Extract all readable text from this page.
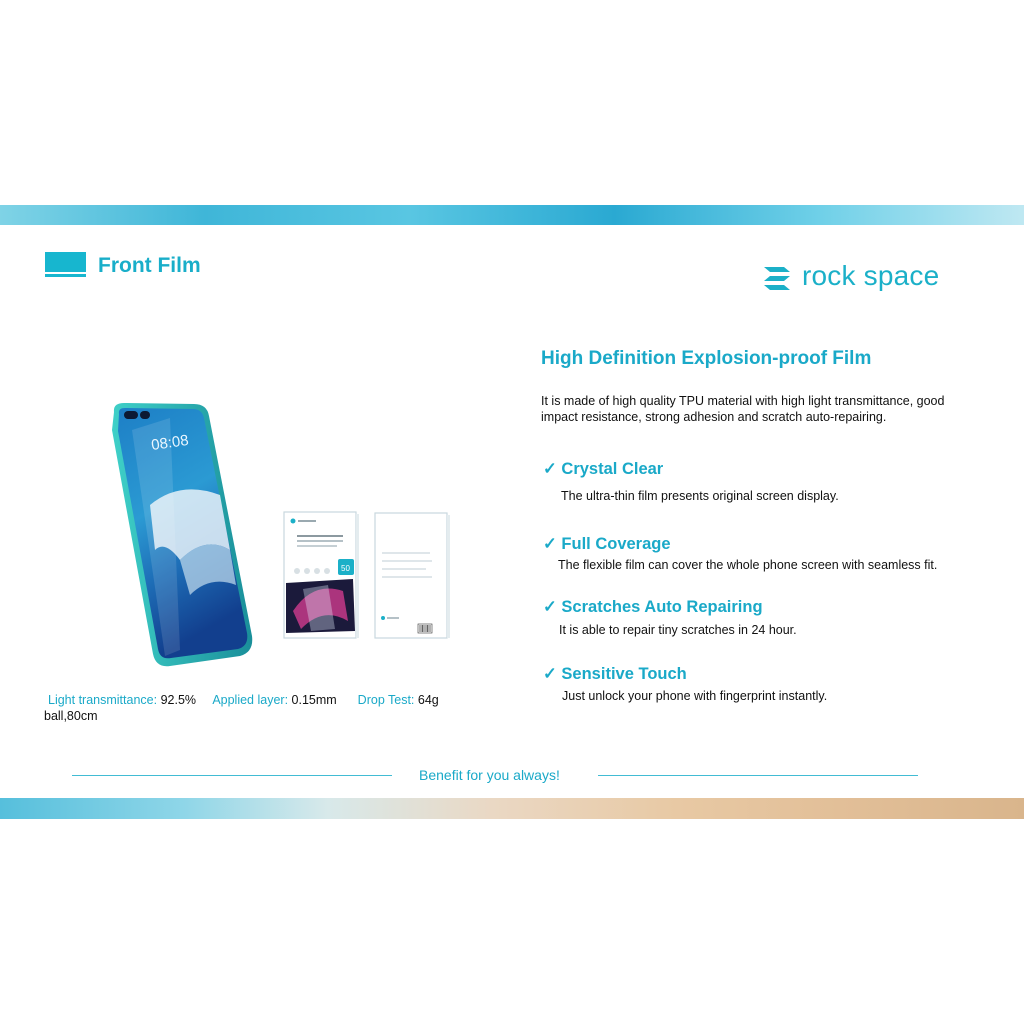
Front Film	rock space
High Definition Explosion-proof Film
It is made of high quality TPU material with high light transmittance, good impact resistance, strong adhesion and scratch auto-repairing.
✓ Crystal Clear
The ultra-thin film presents original screen display.
✓ Full Coverage
The flexible film can cover the whole phone screen with seamless fit.
✓ Scratches Auto Repairing
It is able to repair tiny scratches in 24 hour.
✓ Sensitive Touch
Just unlock your phone with fingerprint instantly.
08:08
50
Light transmittance: 92.5% Applied layer: 0.15mm Drop Test: 64g
ball,80cm
Benefit for you always!
